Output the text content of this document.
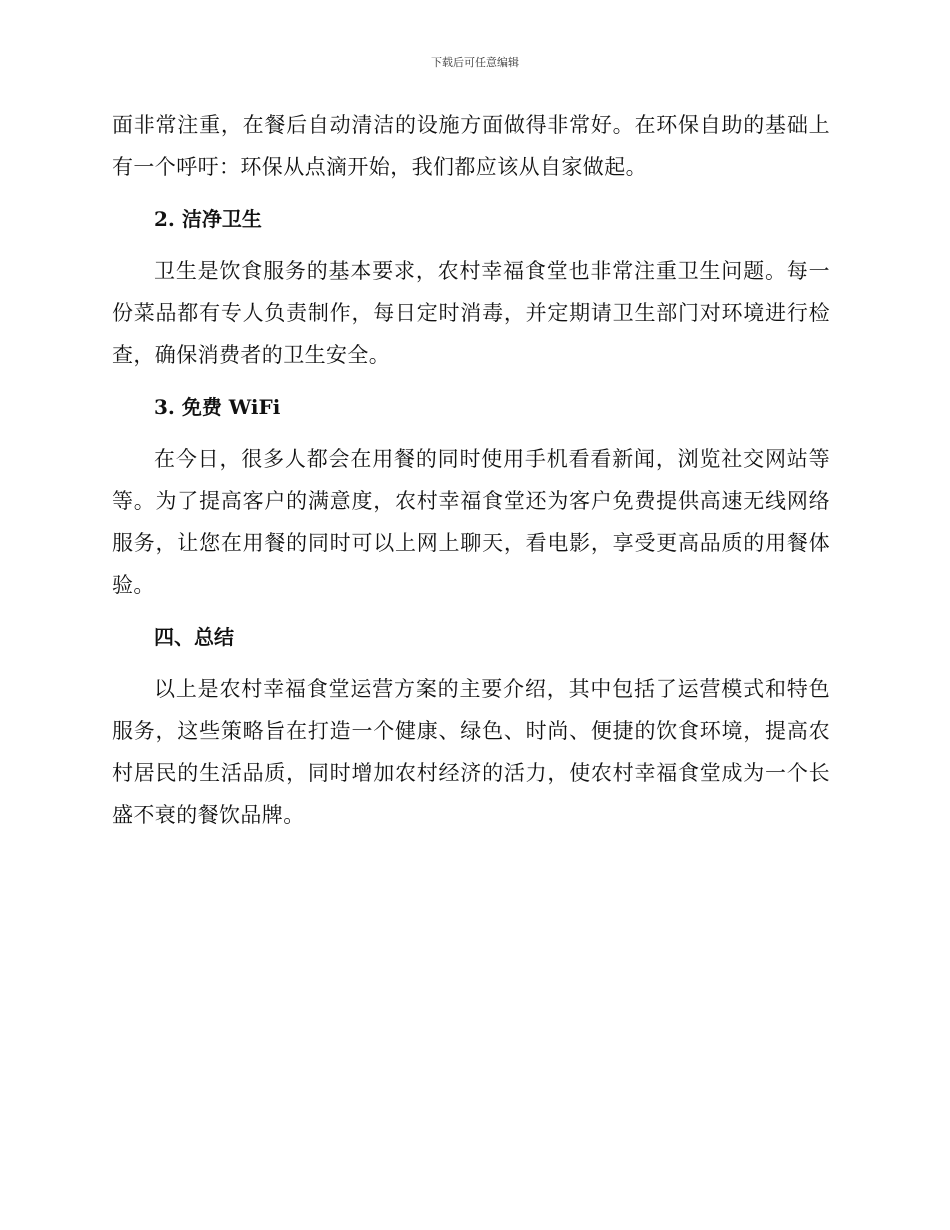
下载后可任意编辑

面非常注重，在餐后自动清洁的设施方面做得非常好。在环保自助的基础上有一个呼吁：环保从点滴开始，我们都应该从自家做起。

2. 洁净卫生

卫生是饮食服务的基本要求，农村幸福食堂也非常注重卫生问题。每一份菜品都有专人负责制作，每日定时消毒，并定期请卫生部门对环境进行检查，确保消费者的卫生安全。

3. 免费 WiFi

在今日，很多人都会在用餐的同时使用手机看看新闻，浏览社交网站等等。为了提高客户的满意度，农村幸福食堂还为客户免费提供高速无线网络服务，让您在用餐的同时可以上网上聊天，看电影，享受更高品质的用餐体验。

四、总结

以上是农村幸福食堂运营方案的主要介绍，其中包括了运营模式和特色服务，这些策略旨在打造一个健康、绿色、时尚、便捷的饮食环境，提高农村居民的生活品质，同时增加农村经济的活力，使农村幸福食堂成为一个长盛不衰的餐饮品牌。
